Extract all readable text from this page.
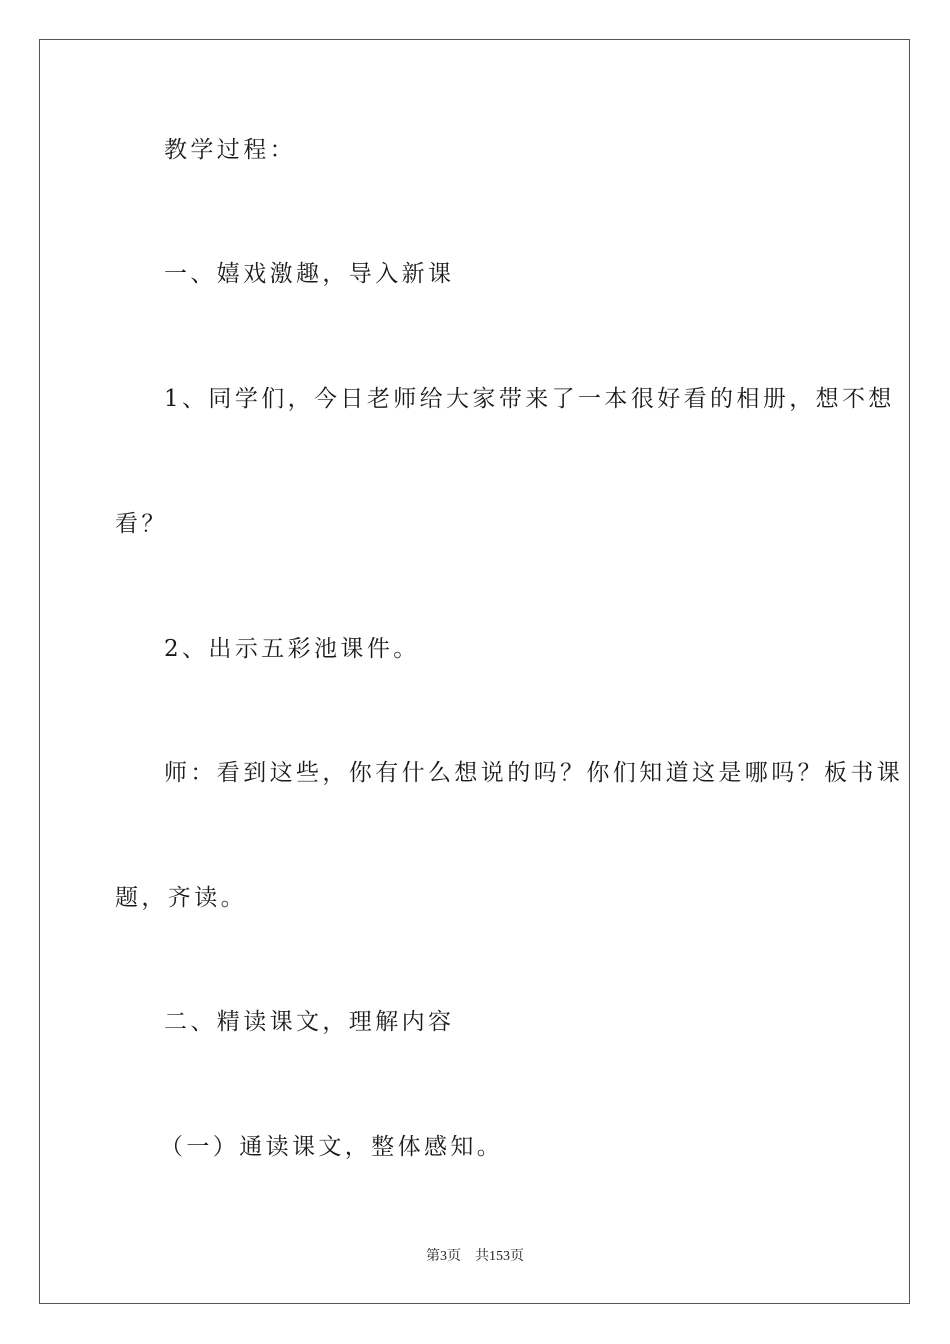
教学过程：
一、嬉戏激趣，导入新课
1、同学们，今日老师给大家带来了一本很好看的相册，想不想
看？
2、出示五彩池课件。
师：看到这些，你有什么想说的吗？你们知道这是哪吗？板书课
题，齐读。
二、精读课文，理解内容
（一）通读课文，整体感知。
第3页 共153页
